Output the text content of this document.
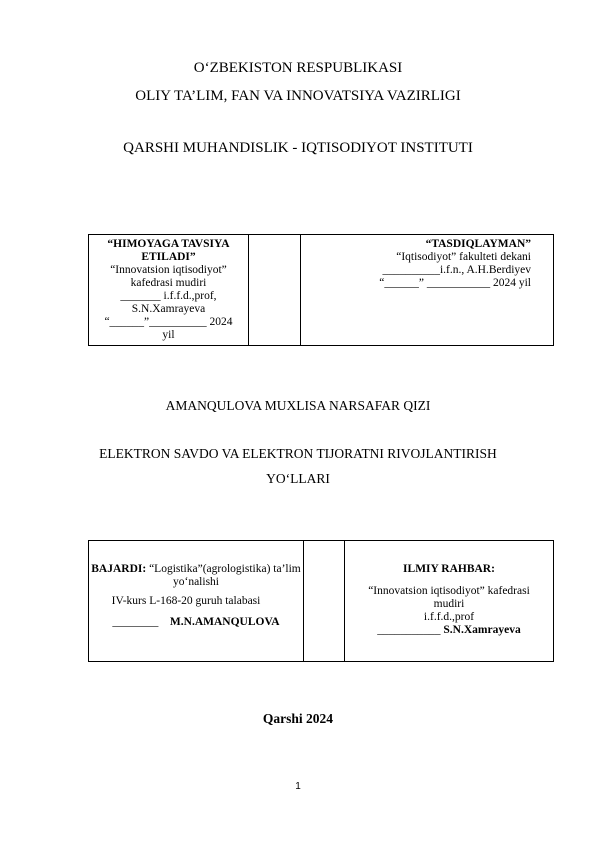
O‘ZBEKISTON RESPUBLIKASI
OLIY TA’LIM, FAN VA INNOVATSIYA VAZIRLIGI
QARSHI MUHANDISLIK - IQTISODIYOT INSTITUTI
“HIMOYAGA TAVSIYA
ETILADI”
“Innovatsion iqtisodiyot”
kafedrasi mudiri
_______ i.f.f.d.,prof,
S.N.Xamrayeva
“______”__________ 2024
yil

“TASDIQLAYMAN”
“Iqtisodiyot” fakulteti dekani
__________i.f.n., A.H.Berdiyev
“______” ___________ 2024 yil
AMANQULOVA MUXLISA NARSAFAR QIZI
ELEKTRON SAVDO VA ELEKTRON TIJORATNI RIVOJLANTIRISH
YO‘LLARI
BAJARDI: “Logistika”(agrologistika) ta’lim
yo‘nalishi
IV-kurs L-168-20 guruh talabasi
________ M.N.AMANQULOVA

ILMIY RAHBAR:
“Innovatsion iqtisodiyot” kafedrasi
mudiri
i.f.f.d.,prof
___________ S.N.Xamrayeva
Qarshi 2024
1
